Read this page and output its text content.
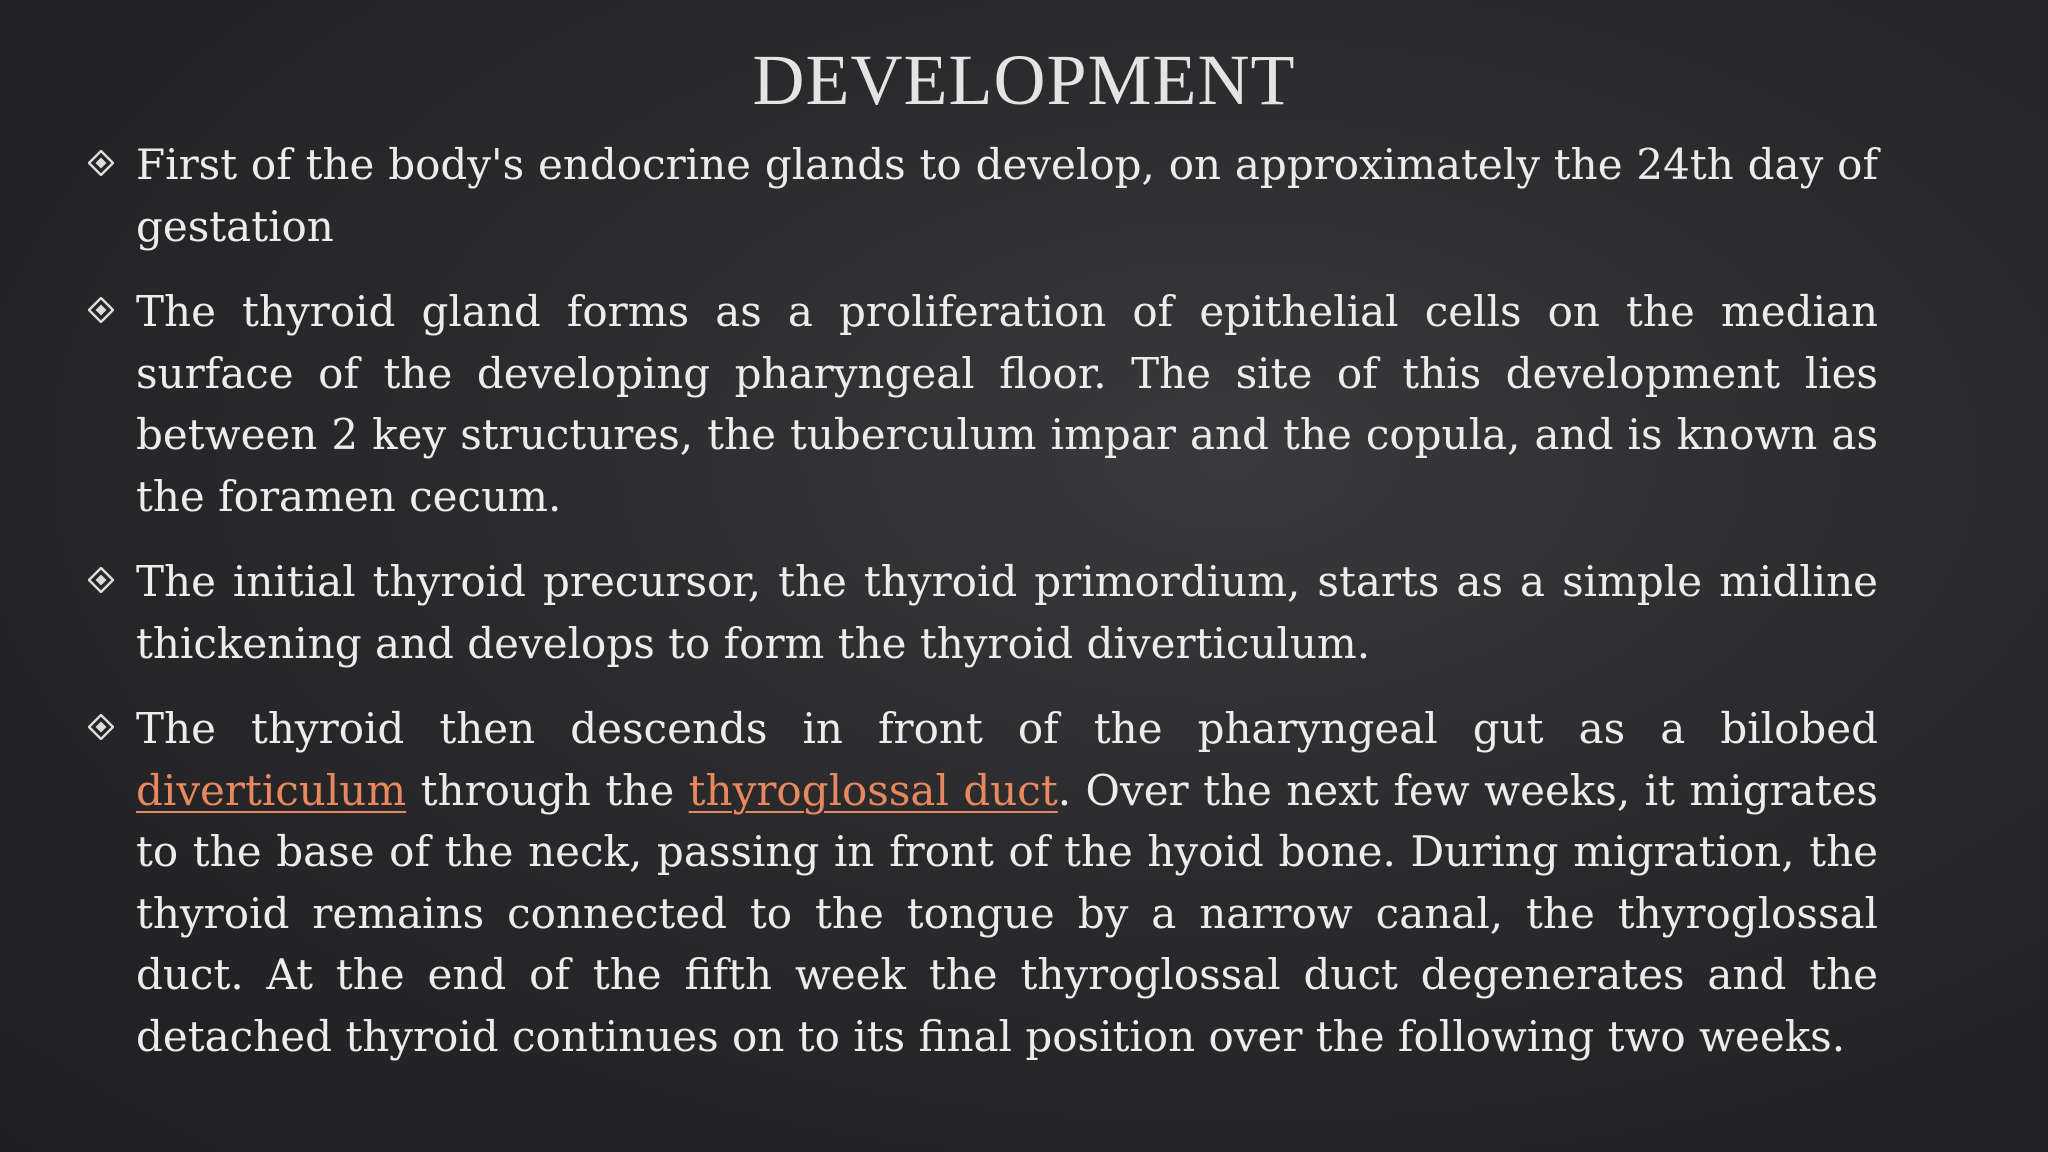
DEVELOPMENT
First of the body's endocrine glands to develop, on approximately the 24th day of gestation
The thyroid gland forms as a proliferation of epithelial cells on the median surface of the developing pharyngeal floor. The site of this development lies between 2 key structures, the tuberculum impar and the copula, and is known as the foramen cecum.
The initial thyroid precursor, the thyroid primordium, starts as a simple midline thickening and develops to form the thyroid diverticulum.
The thyroid then descends in front of the pharyngeal gut as a bilobed diverticulum through the thyroglossal duct. Over the next few weeks, it migrates to the base of the neck, passing in front of the hyoid bone. During migration, the thyroid remains connected to the tongue by a narrow canal, the thyroglossal duct. At the end of the fifth week the thyroglossal duct degenerates and the detached thyroid continues on to its final position over the following two weeks.
